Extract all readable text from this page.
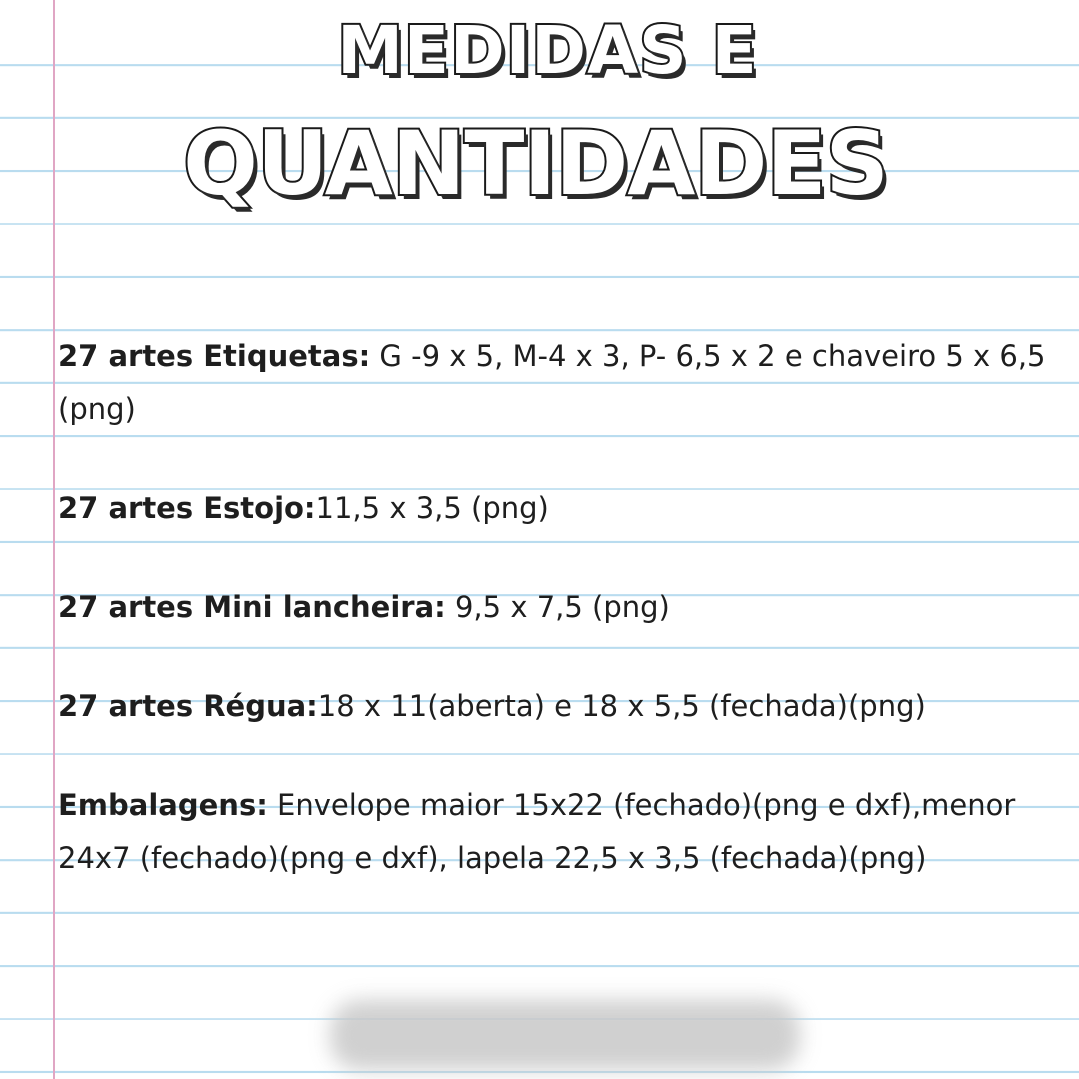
MEDIDAS E
QUANTIDADES

27 artes Etiquetas: G -9 x 5, M-4 x 3, P- 6,5 x 2 e chaveiro 5 x 6,5 (png)

27 artes Estojo:11,5 x 3,5 (png)

27 artes Mini lancheira: 9,5 x 7,5 (png)

27 artes Régua:18 x 11(aberta) e 18 x 5,5 (fechada)(png)

Embalagens: Envelope maior 15x22 (fechado)(png e dxf),menor 24x7 (fechado)(png e dxf), lapela 22,5 x 3,5 (fechada)(png)
